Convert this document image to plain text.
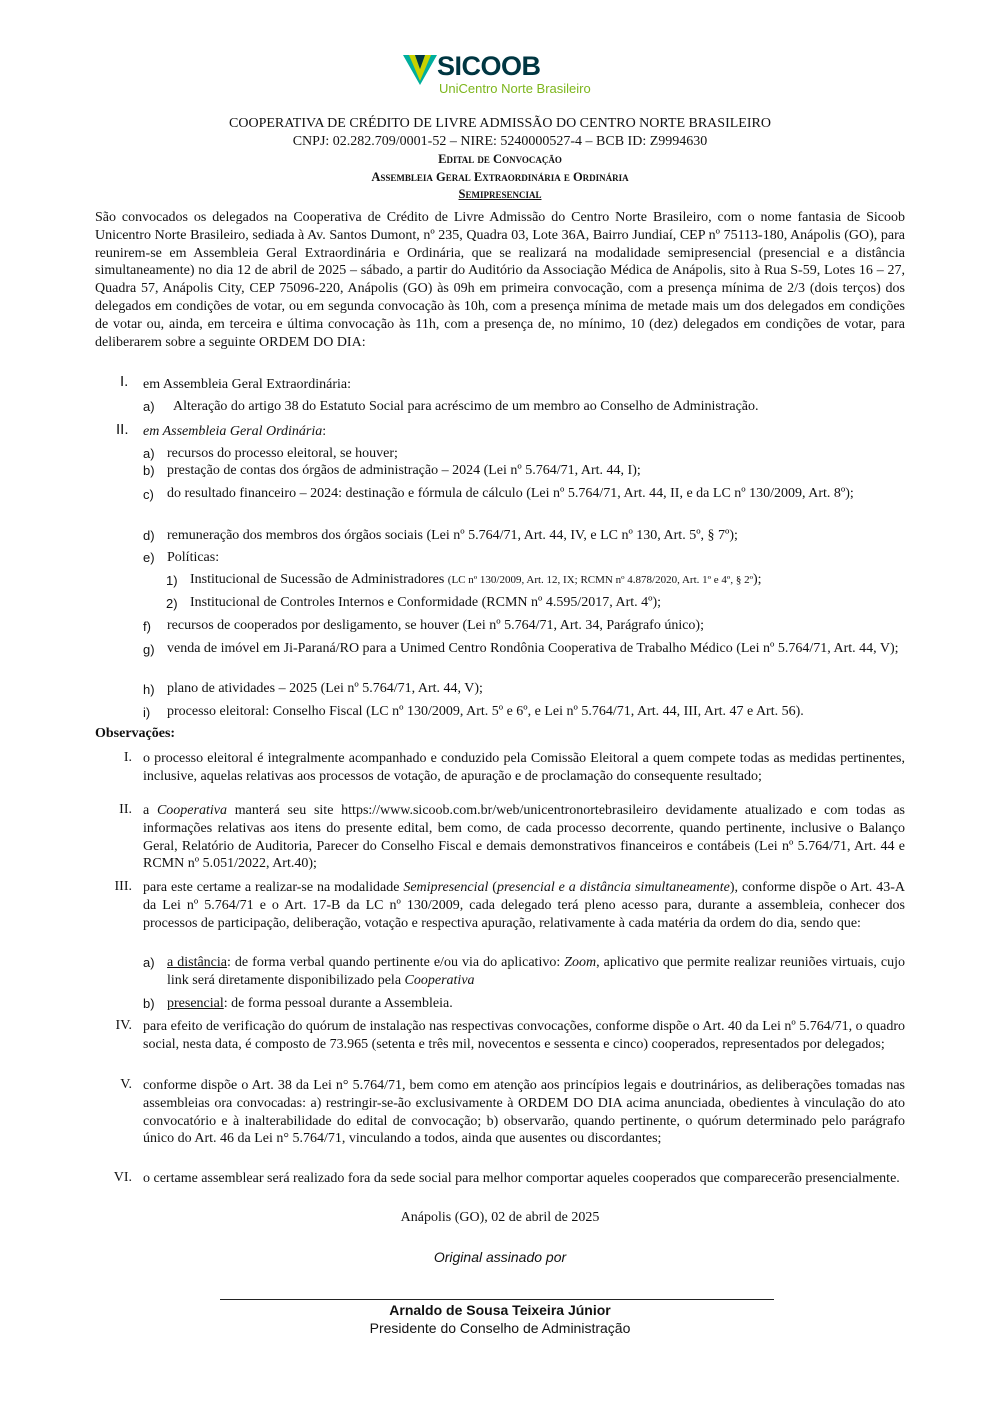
SICOOB
UniCentro Norte Brasileiro
COOPERATIVA DE CRÉDITO DE LIVRE ADMISSÃO DO CENTRO NORTE BRASILEIRO
CNPJ: 02.282.709/0001-52 – NIRE: 5240000527-4 – BCB ID: Z9994630
Edital de Convocação
Assembleia Geral Extraordinária e Ordinária
Semipresencial

São convocados os delegados na Cooperativa de Crédito de Livre Admissão do Centro Norte Brasileiro, com o nome fantasia de Sicoob Unicentro Norte Brasileiro, sediada à Av. Santos Dumont, nº 235, Quadra 03, Lote 36A, Bairro Jundiaí, CEP nº 75113-180, Anápolis (GO), para reunirem-se em Assembleia Geral Extraordinária e Ordinária, que se realizará na modalidade semipresencial (presencial e a distância simultaneamente) no dia 12 de abril de 2025 – sábado, a partir do Auditório da Associação Médica de Anápolis, sito à Rua S-59, Lotes 16 – 27, Quadra 57, Anápolis City, CEP 75096-220, Anápolis (GO) às 09h em primeira convocação, com a presença mínima de 2/3 (dois terços) dos delegados em condições de votar, ou em segunda convocação às 10h, com a presença mínima de metade mais um dos delegados em condições de votar ou, ainda, em terceira e última convocação às 11h, com a presença de, no mínimo, 10 (dez) delegados em condições de votar, para deliberarem sobre a seguinte ORDEM DO DIA:

I. em Assembleia Geral Extraordinária:
a) Alteração do artigo 38 do Estatuto Social para acréscimo de um membro ao Conselho de Administração.
II. em Assembleia Geral Ordinária:
a) recursos do processo eleitoral, se houver;
b) prestação de contas dos órgãos de administração – 2024 (Lei nº 5.764/71, Art. 44, I);
c) do resultado financeiro – 2024: destinação e fórmula de cálculo (Lei nº 5.764/71, Art. 44, II, e da LC nº 130/2009, Art. 8º);
d) remuneração dos membros dos órgãos sociais (Lei nº 5.764/71, Art. 44, IV, e LC nº 130, Art. 5º, § 7º);
e) Políticas:
1) Institucional de Sucessão de Administradores (LC nº 130/2009, Art. 12, IX; RCMN nº 4.878/2020, Art. 1º e 4º, § 2º);
2) Institucional de Controles Internos e Conformidade (RCMN nº 4.595/2017, Art. 4º);
f) recursos de cooperados por desligamento, se houver (Lei nº 5.764/71, Art. 34, Parágrafo único);
g) venda de imóvel em Ji-Paraná/RO para a Unimed Centro Rondônia Cooperativa de Trabalho Médico (Lei nº 5.764/71, Art. 44, V);
h) plano de atividades – 2025 (Lei nº 5.764/71, Art. 44, V);
i) processo eleitoral: Conselho Fiscal (LC nº 130/2009, Art. 5º e 6º, e Lei nº 5.764/71, Art. 44, III, Art. 47 e Art. 56).
Observações:
I. o processo eleitoral é integralmente acompanhado e conduzido pela Comissão Eleitoral a quem compete todas as medidas pertinentes, inclusive, aquelas relativas aos processos de votação, de apuração e de proclamação do consequente resultado;
II. a Cooperativa manterá seu site https://www.sicoob.com.br/web/unicentronortebrasileiro devidamente atualizado e com todas as informações relativas aos itens do presente edital, bem como, de cada processo decorrente, quando pertinente, inclusive o Balanço Geral, Relatório de Auditoria, Parecer do Conselho Fiscal e demais demonstrativos financeiros e contábeis (Lei nº 5.764/71, Art. 44 e RCMN nº 5.051/2022, Art.40);
III. para este certame a realizar-se na modalidade Semipresencial (presencial e a distância simultaneamente), conforme dispõe o Art. 43-A da Lei nº 5.764/71 e o Art. 17-B da LC nº 130/2009, cada delegado terá pleno acesso para, durante a assembleia, conhecer dos processos de participação, deliberação, votação e respectiva apuração, relativamente à cada matéria da ordem do dia, sendo que:
a) a distância: de forma verbal quando pertinente e/ou via do aplicativo: Zoom, aplicativo que permite realizar reuniões virtuais, cujo link será diretamente disponibilizado pela Cooperativa
b) presencial: de forma pessoal durante a Assembleia.
IV. para efeito de verificação do quórum de instalação nas respectivas convocações, conforme dispõe o Art. 40 da Lei nº 5.764/71, o quadro social, nesta data, é composto de 73.965 (setenta e três mil, novecentos e sessenta e cinco) cooperados, representados por delegados;
V. conforme dispõe o Art. 38 da Lei n° 5.764/71, bem como em atenção aos princípios legais e doutrinários, as deliberações tomadas nas assembleias ora convocadas: a) restringir-se-ão exclusivamente à ORDEM DO DIA acima anunciada, obedientes à vinculação do ato convocatório e à inalterabilidade do edital de convocação; b) observarão, quando pertinente, o quórum determinado pelo parágrafo único do Art. 46 da Lei n° 5.764/71, vinculando a todos, ainda que ausentes ou discordantes;
VI. o certame assemblear será realizado fora da sede social para melhor comportar aqueles cooperados que comparecerão presencialmente.
Anápolis (GO), 02 de abril de 2025
Original assinado por
Arnaldo de Sousa Teixeira Júnior
Presidente do Conselho de Administração
